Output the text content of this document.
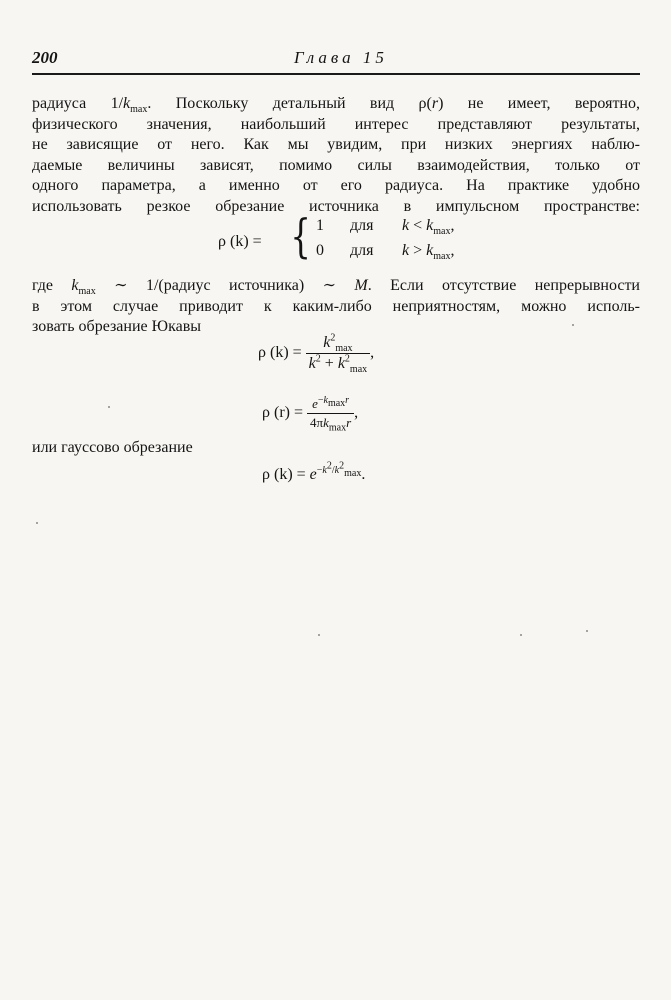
200	Глава 15
радиуса $1/k_{max}$. Поскольку детальный вид ρ(r) не имеет, вероятно,
физического значения, наибольший интерес представляют результаты,
не зависящие от него. Как мы увидим, при низких энергиях наблю-
даемые величины зависят, помимо силы взаимодействия, только от
одного параметра, а именно от его радиуса. На практике удобно
использовать резкое обрезание источника в импульсном пространстве:
ρ (k) = { 1 для $k < k_{max}$,
0 для $k > k_{max}$,
где $k_{max}$ ∼ 1/(радиус источника) ∼ M. Если отсутствие непрерывности
в этом случае приводит к каким-либо неприятностям, можно исполь-
зовать обрезание Юкавы
ρ $(k) = \frac{k^2_{max}}{k^2 + k^2_{max}}$ ,
ρ $(r) = \frac{e^{-k_{max}r}}{4\pi k_{max}r}$ ,
или гауссово обрезание
ρ $(k) = e^{-k^2/k^2_{max}}$.
